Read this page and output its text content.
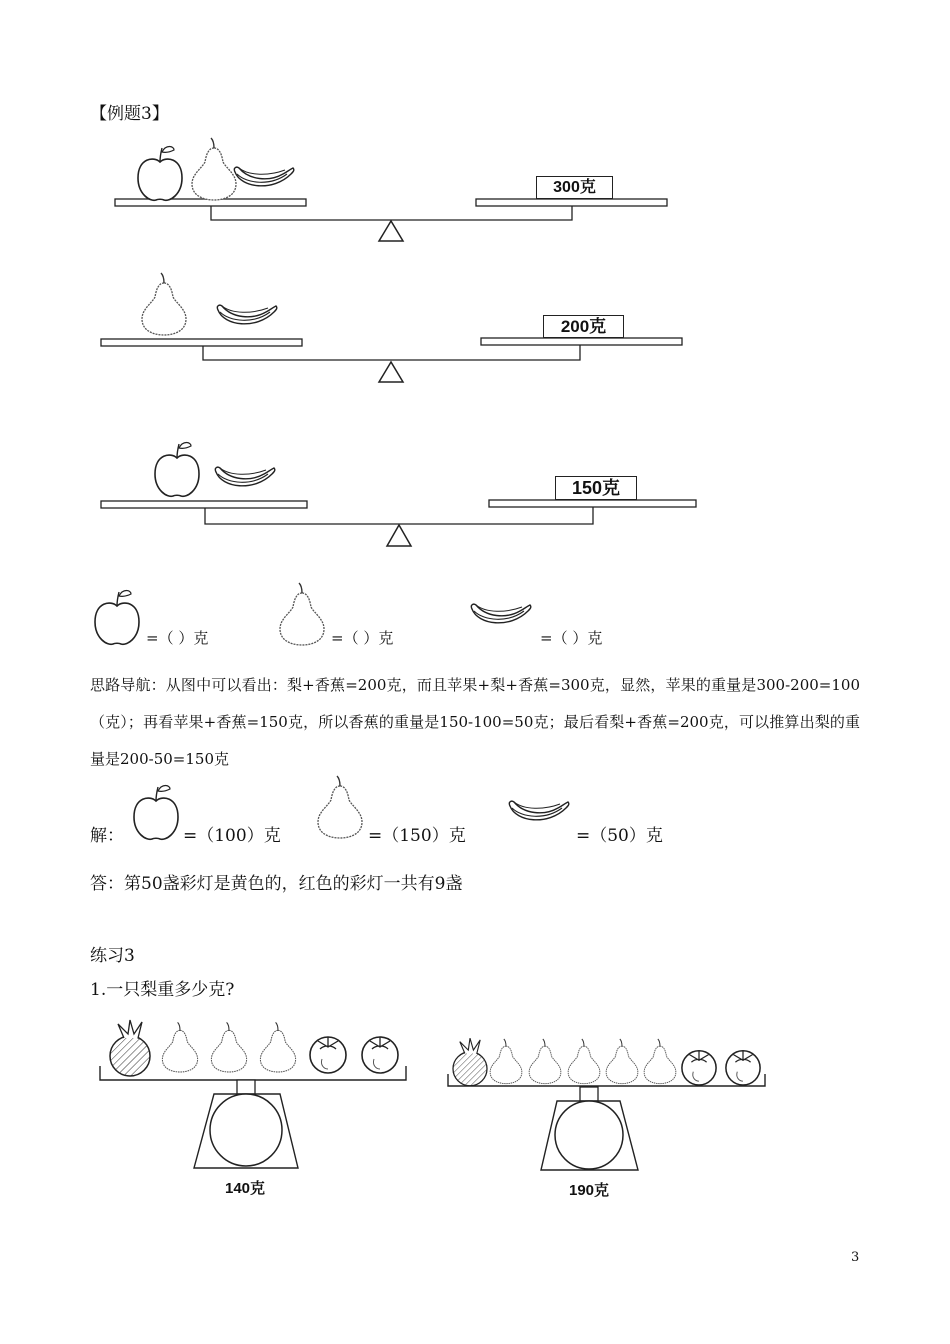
【例题3】
300克
200克
150克
=（ ）克	=（ ）克	=（ ）克
思路导航：从图中可以看出：梨+香蕉=200克，而且苹果+梨+香蕉=300克，显然，苹果的重量是300-200=100（克）；再看苹果+香蕉=150克，所以香蕉的重量是150-100=50克；最后看梨+香蕉=200克，可以推算出梨的重量是200-50=150克
解：	=（100）克	=（150）克	=（50）克
答：第50盏彩灯是黄色的，红色的彩灯一共有9盏
练习3
1.一只梨重多少克?
140克	190克
3
